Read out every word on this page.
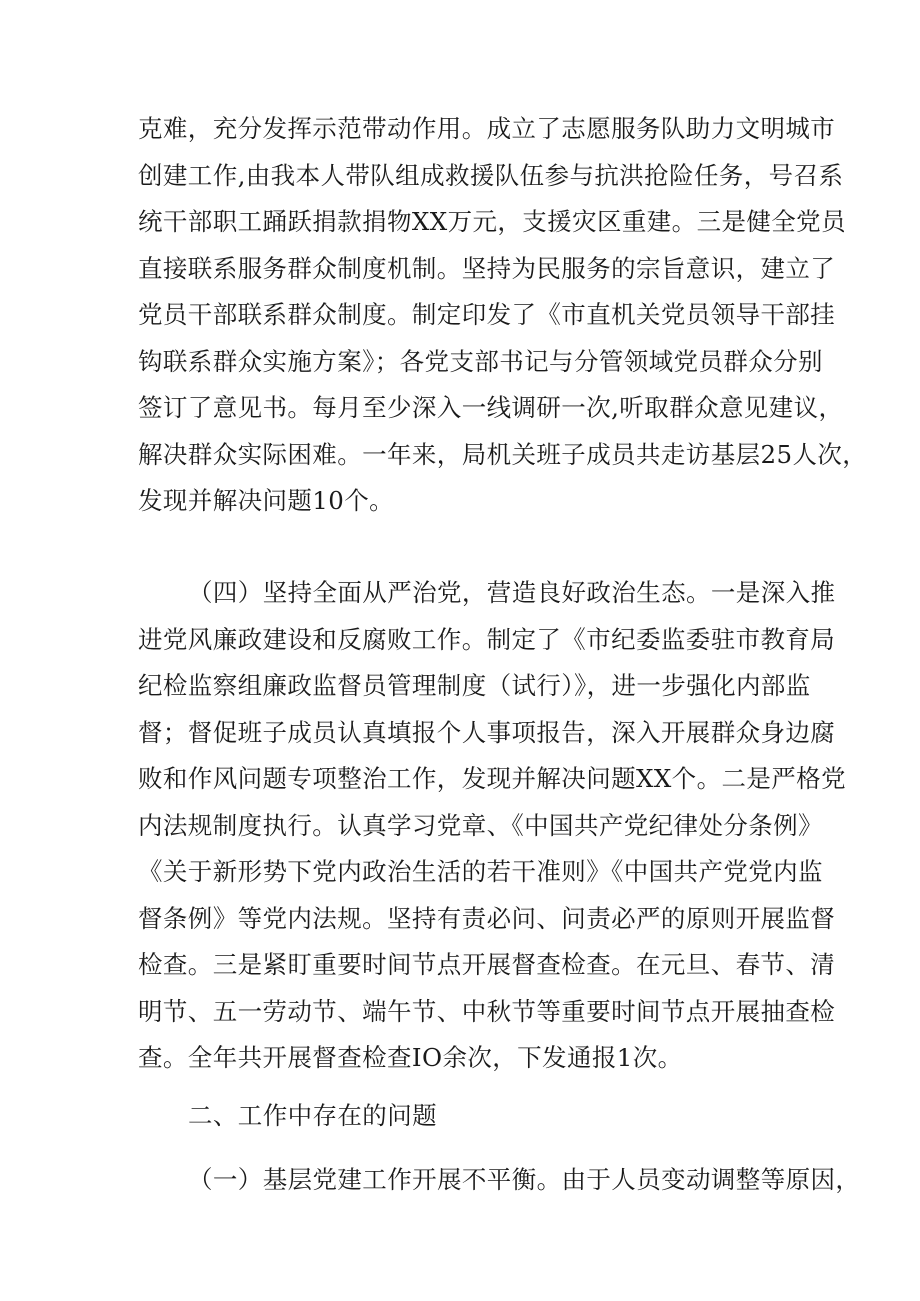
克难，充分发挥示范带动作用。成立了志愿服务队助力文明城市
创建工作,由我本人带队组成救援队伍参与抗洪抢险任务，号召系
统干部职工踊跃捐款捐物XX万元，支援灾区重建。三是健全党员
直接联系服务群众制度机制。坚持为民服务的宗旨意识，建立了
党员干部联系群众制度。制定印发了《市直机关党员领导干部挂
钩联系群众实施方案》；各党支部书记与分管领域党员群众分别
签订了意见书。每月至少深入一线调研一次,听取群众意见建议，
解决群众实际困难。一年来，局机关班子成员共走访基层25人次，
发现并解决问题10个。
（四）坚持全面从严治党，营造良好政治生态。一是深入推
进党风廉政建设和反腐败工作。制定了《市纪委监委驻市教育局
纪检监察组廉政监督员管理制度（试行）》，进一步强化内部监
督；督促班子成员认真填报个人事项报告，深入开展群众身边腐
败和作风问题专项整治工作，发现并解决问题XX个。二是严格党
内法规制度执行。认真学习党章、《中国共产党纪律处分条例》
《关于新形势下党内政治生活的若干准则》《中国共产党党内监
督条例》等党内法规。坚持有责必问、问责必严的原则开展监督
检查。三是紧盯重要时间节点开展督查检查。在元旦、春节、清
明节、五一劳动节、端午节、中秋节等重要时间节点开展抽查检
查。全年共开展督查检查IO余次，下发通报1次。
二、工作中存在的问题
（一）基层党建工作开展不平衡。由于人员变动调整等原因，
